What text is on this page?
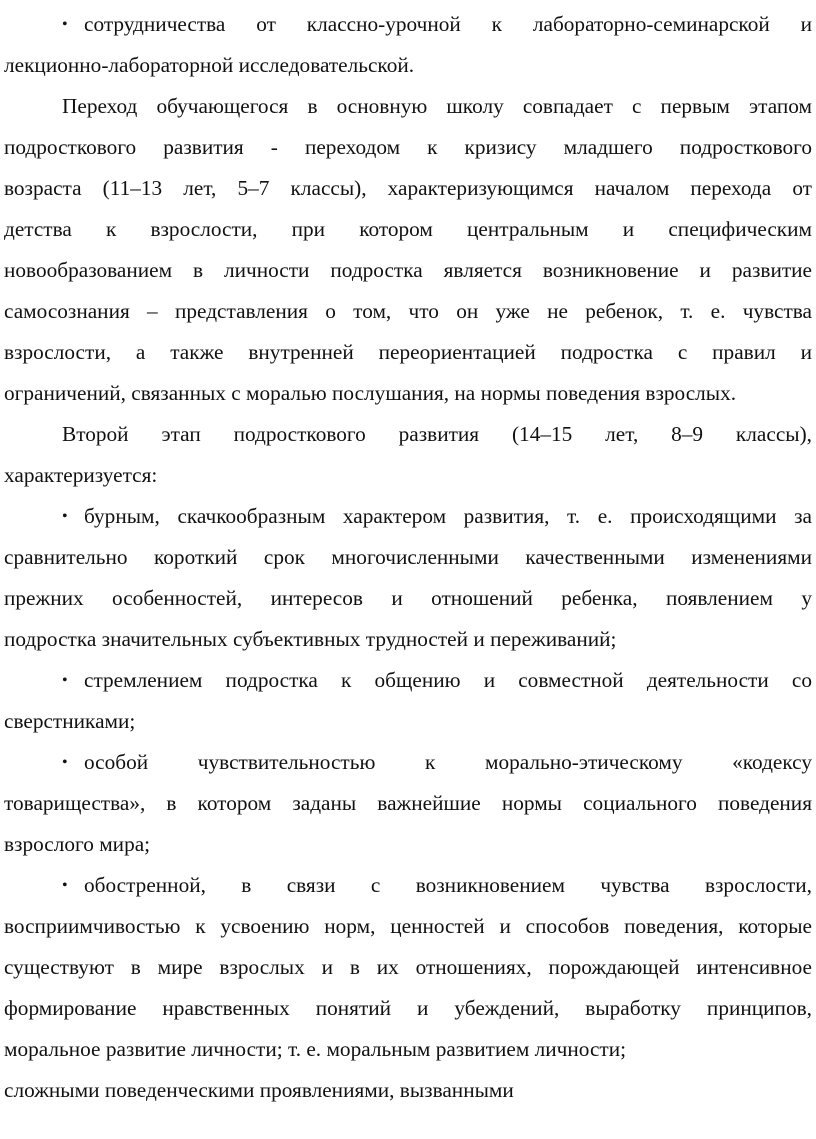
• сотрудничества от классно-урочной к лабораторно-семинарской и
лекционно-лабораторной исследовательской.
Переход обучающегося в основную школу совпадает с первым этапом
подросткового развития - переходом к кризису младшего подросткового
возраста (11–13 лет, 5–7 классы), характеризующимся началом перехода от
детства к взрослости, при котором центральным и специфическим
новообразованием в личности подростка является возникновение и развитие
самосознания – представления о том, что он уже не ребенок, т. е. чувства
взрослости, а также внутренней переориентацией подростка с правил и
ограничений, связанных с моралью послушания, на нормы поведения взрослых.
Второй этап подросткового развития (14–15 лет, 8–9 классы),
характеризуется:
• бурным, скачкообразным характером развития, т. е. происходящими за
сравнительно короткий срок многочисленными качественными изменениями
прежних особенностей, интересов и отношений ребенка, появлением у
подростка значительных субъективных трудностей и переживаний;
• стремлением подростка к общению и совместной деятельности со
сверстниками;
• особой чувствительностью к морально-этическому «кодексу
товарищества», в котором заданы важнейшие нормы социального поведения
взрослого мира;
• обостренной, в связи с возникновением чувства взрослости,
восприимчивостью к усвоению норм, ценностей и способов поведения, которые
существуют в мире взрослых и в их отношениях, порождающей интенсивное
формирование нравственных понятий и убеждений, выработку принципов,
моральное развитие личности; т. е. моральным развитием личности;
сложными поведенческими проявлениями, вызванными
